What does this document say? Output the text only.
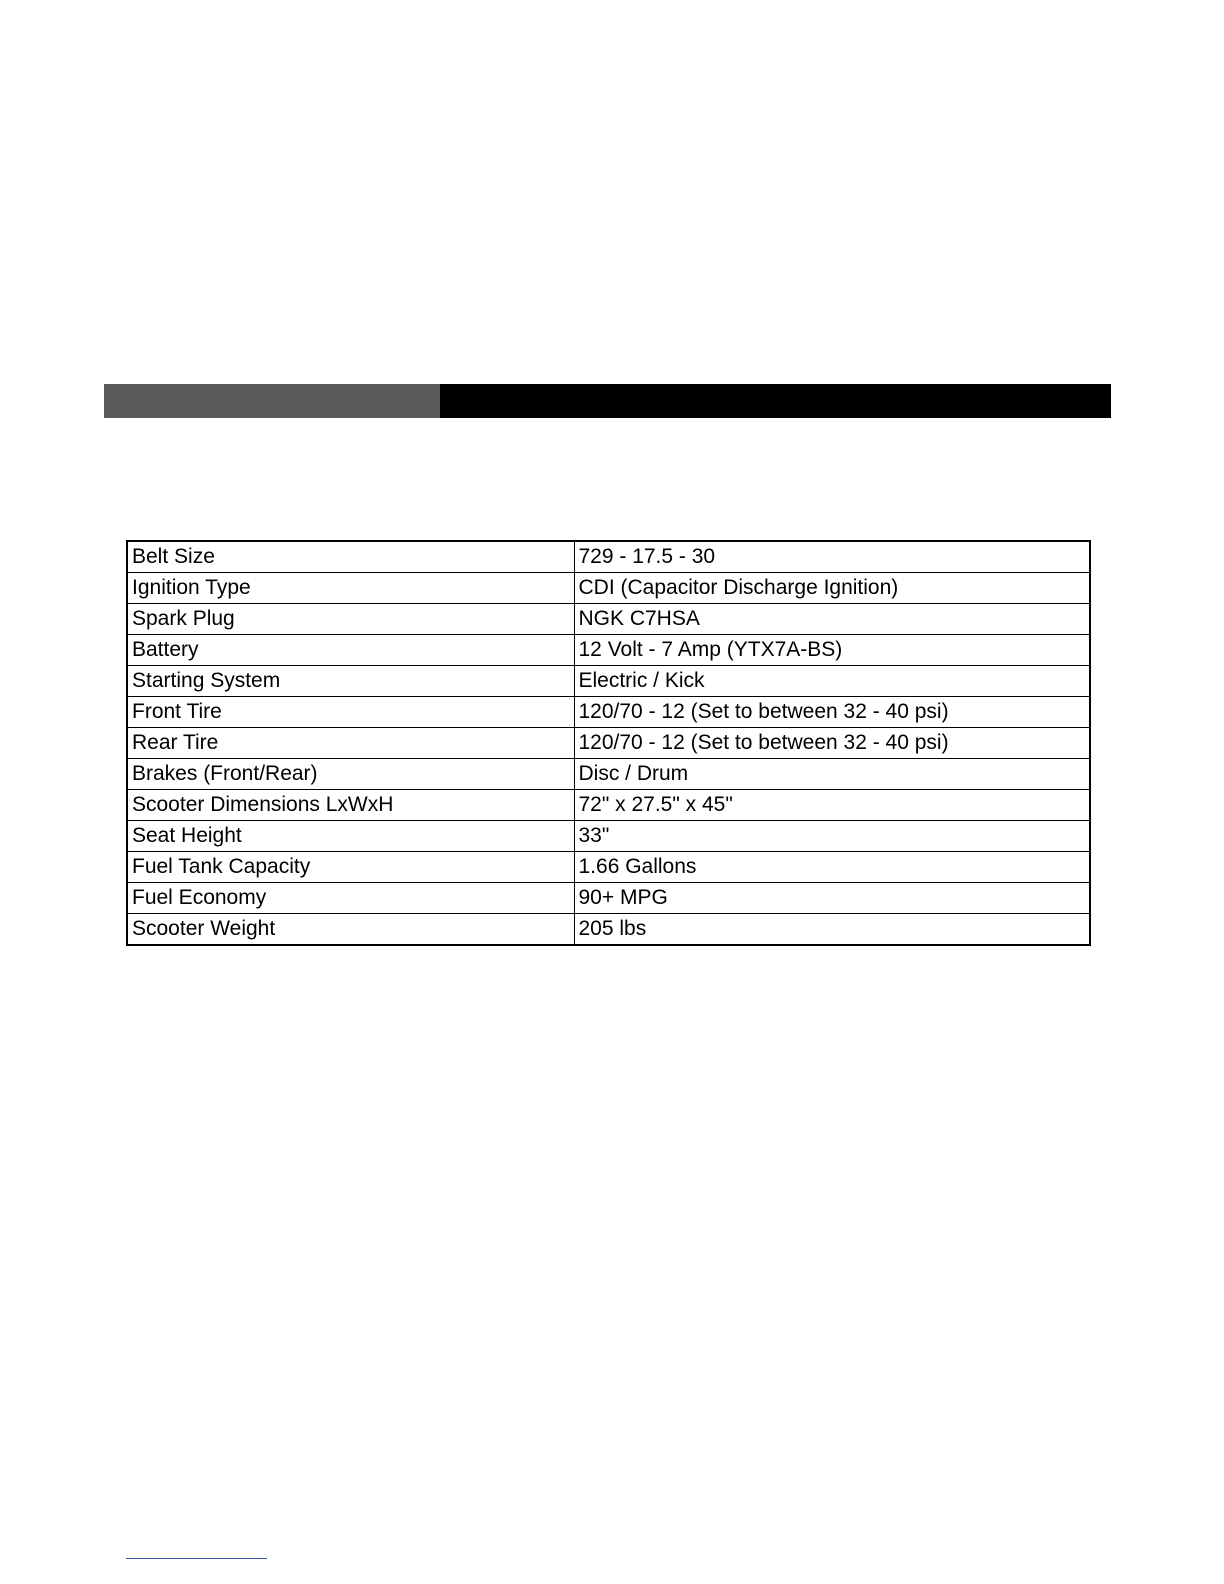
Belt Size	729 - 17.5 - 30
Ignition Type	CDI (Capacitor Discharge Ignition)
Spark Plug	NGK C7HSA
Battery	12 Volt - 7 Amp (YTX7A-BS)
Starting System	Electric / Kick
Front Tire	120/70 - 12 (Set to between 32 - 40 psi)
Rear Tire	120/70 - 12 (Set to between 32 - 40 psi)
Brakes (Front/Rear)	Disc / Drum
Scooter Dimensions LxWxH	72" x 27.5" x 45"
Seat Height	33"
Fuel Tank Capacity	1.66 Gallons
Fuel Economy	90+ MPG
Scooter Weight	205 lbs
